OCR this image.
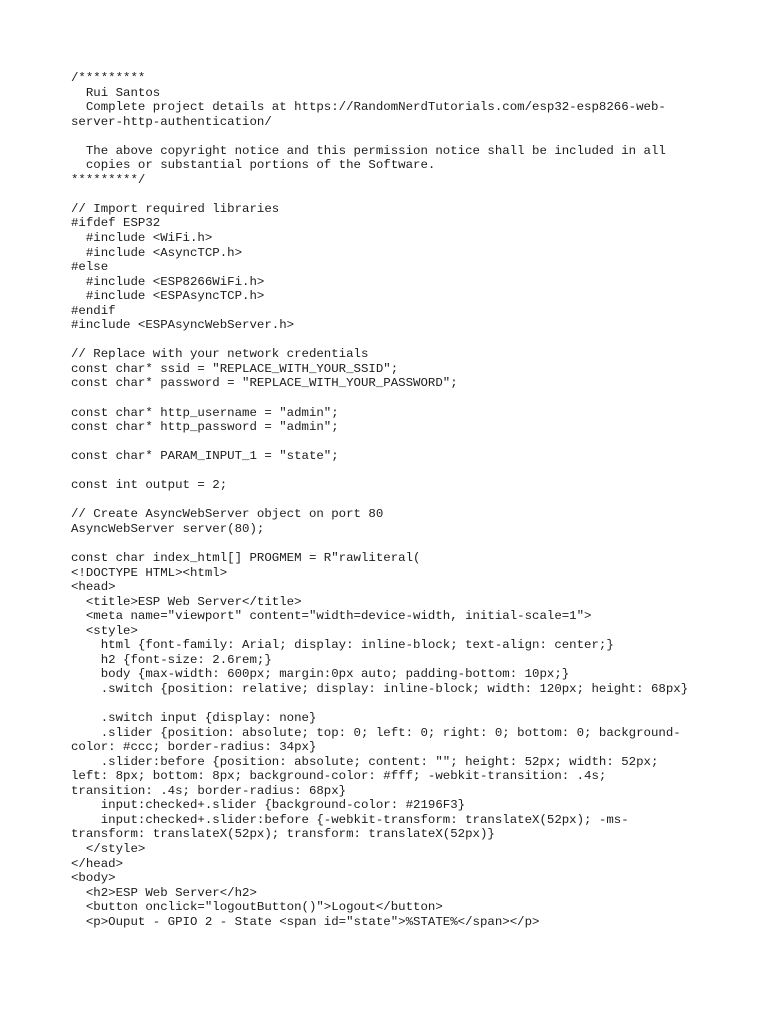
/*********
Rui Santos
Complete project details at https://RandomNerdTutorials.com/esp32-esp8266-web-
server-http-authentication/
The above copyright notice and this permission notice shall be included in all
copies or substantial portions of the Software.
*********/
// Import required libraries
#ifdef ESP32
#include <WiFi.h>
#include <AsyncTCP.h>
#else
#include <ESP8266WiFi.h>
#include <ESPAsyncTCP.h>
#endif
#include <ESPAsyncWebServer.h>
// Replace with your network credentials
const char* ssid = "REPLACE_WITH_YOUR_SSID";
const char* password = "REPLACE_WITH_YOUR_PASSWORD";
const char* http_username = "admin";
const char* http_password = "admin";
const char* PARAM_INPUT_1 = "state";
const int output = 2;
// Create AsyncWebServer object on port 80
AsyncWebServer server(80);
const char index_html[] PROGMEM = R"rawliteral(
<!DOCTYPE HTML><html>
<head>
<title>ESP Web Server</title>
<meta name="viewport" content="width=device-width, initial-scale=1">
<style>
html {font-family: Arial; display: inline-block; text-align: center;}
h2 {font-size: 2.6rem;}
body {max-width: 600px; margin:0px auto; padding-bottom: 10px;}
.switch {position: relative; display: inline-block; width: 120px; height: 68px}
.switch input {display: none}
.slider {position: absolute; top: 0; left: 0; right: 0; bottom: 0; background-
color: #ccc; border-radius: 34px}
.slider:before {position: absolute; content: ""; height: 52px; width: 52px;
left: 8px; bottom: 8px; background-color: #fff; -webkit-transition: .4s;
transition: .4s; border-radius: 68px}
input:checked+.slider {background-color: #2196F3}
input:checked+.slider:before {-webkit-transform: translateX(52px); -ms-
transform: translateX(52px); transform: translateX(52px)}
</style>
</head>
<body>
<h2>ESP Web Server</h2>
<button onclick="logoutButton()">Logout</button>
<p>Ouput - GPIO 2 - State <span id="state">%STATE%</span></p>
